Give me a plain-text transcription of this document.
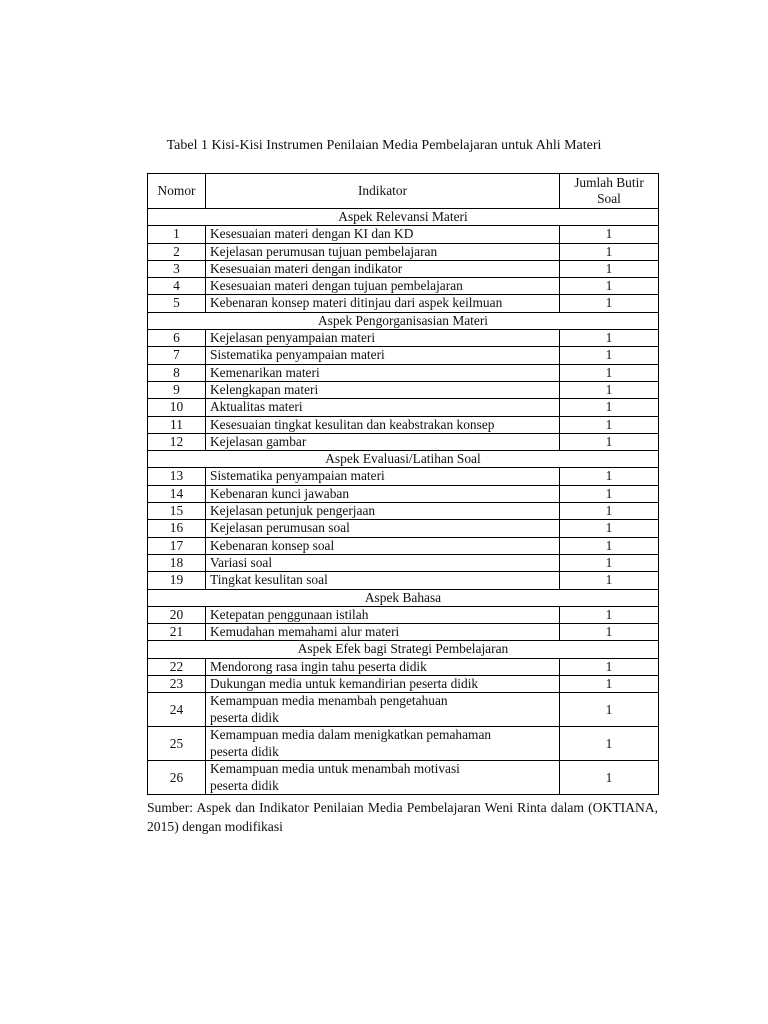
Tabel 1 Kisi-Kisi Instrumen Penilaian Media Pembelajaran untuk Ahli Materi
Nomor	Indikator	Jumlah Butir
Soal
Aspek Relevansi Materi		
1	Kesesuaian materi dengan KI dan KD	1
2	Kejelasan perumusan tujuan pembelajaran	1
3	Kesesuaian materi dengan indikator	1
4	Kesesuaian materi dengan tujuan pembelajaran	1
5	Kebenaran konsep materi ditinjau dari aspek keilmuan	1
Aspek Pengorganisasian Materi		
6	Kejelasan penyampaian materi	1
7	Sistematika penyampaian materi	1
8	Kemenarikan materi	1
9	Kelengkapan materi	1
10	Aktualitas materi	1
11	Kesesuaian tingkat kesulitan dan keabstrakan konsep	1
12	Kejelasan gambar	1
Aspek Evaluasi/Latihan Soal		
13	Sistematika penyampaian materi	1
14	Kebenaran kunci jawaban	1
15	Kejelasan petunjuk pengerjaan	1
16	Kejelasan perumusan soal	1
17	Kebenaran konsep soal	1
18	Variasi soal	1
19	Tingkat kesulitan soal	1
Aspek Bahasa		
20	Ketepatan penggunaan istilah	1
21	Kemudahan memahami alur materi	1
Aspek Efek bagi Strategi Pembelajaran		
22	Mendorong rasa ingin tahu peserta didik	1
23	Dukungan media untuk kemandirian peserta didik	1
24	Kemampuan media menambah pengetahuan
peserta didik	1
25	Kemampuan media dalam menigkatkan pemahaman
peserta didik	1
26	Kemampuan media untuk menambah motivasi
peserta didik	1
Sumber: Aspek dan Indikator Penilaian Media Pembelajaran Weni Rinta dalam (OKTIANA, 2015) dengan modifikasi
